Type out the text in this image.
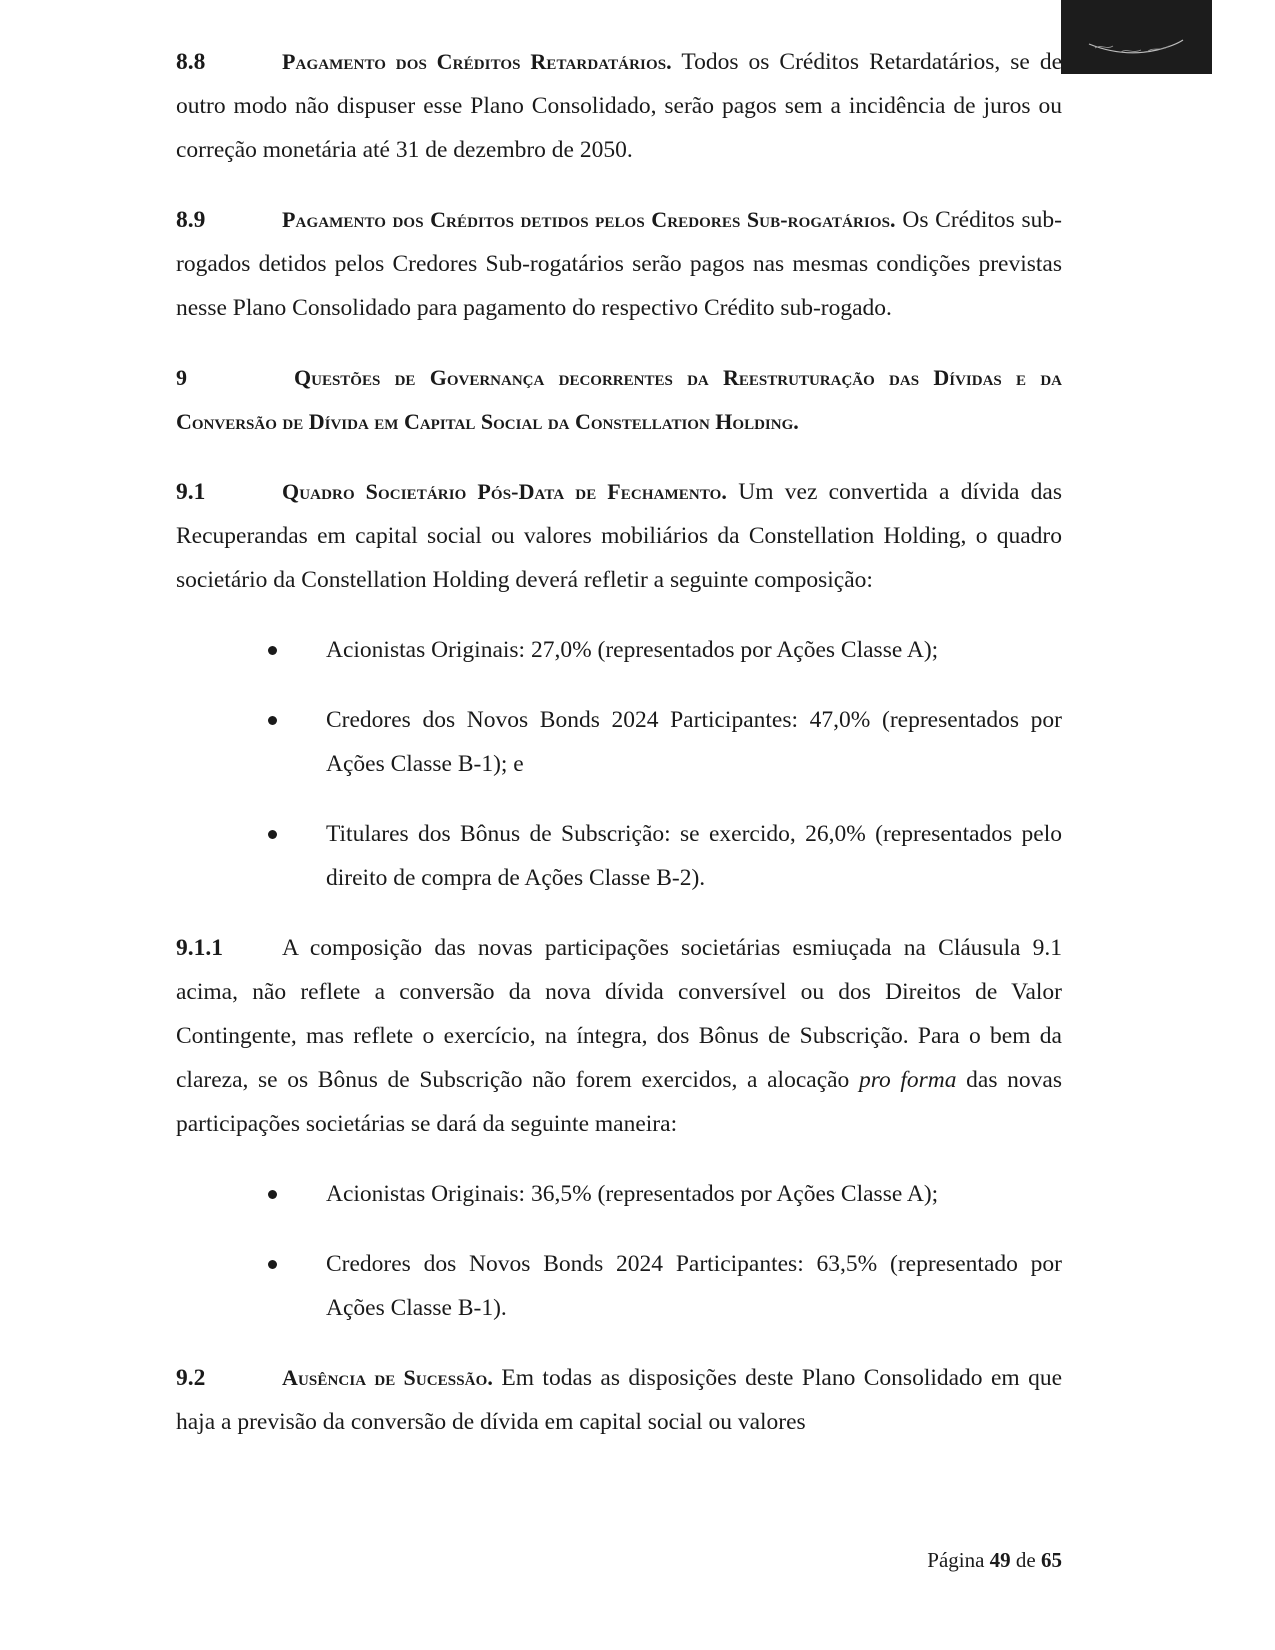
8.8	Pagamento dos Créditos Retardatários. Todos os Créditos Retardatários, se de outro modo não dispuser esse Plano Consolidado, serão pagos sem a incidência de juros ou correção monetária até 31 de dezembro de 2050.

8.9	Pagamento dos Créditos detidos pelos Credores Sub-rogatários. Os Créditos sub-rogados detidos pelos Credores Sub-rogatários serão pagos nas mesmas condições previstas nesse Plano Consolidado para pagamento do respectivo Crédito sub-rogado.

9	Questões de Governança decorrentes da Reestruturação das Dívidas e da Conversão de Dívida em Capital Social da Constellation Holding.

9.1	Quadro Societário Pós-Data de Fechamento. Um vez convertida a dívida das Recuperandas em capital social ou valores mobiliários da Constellation Holding, o quadro societário da Constellation Holding deverá refletir a seguinte composição:

Acionistas Originais: 27,0% (representados por Ações Classe A);
Credores dos Novos Bonds 2024 Participantes: 47,0% (representados por Ações Classe B-1); e
Titulares dos Bônus de Subscrição: se exercido, 26,0% (representados pelo direito de compra de Ações Classe B-2).

9.1.1	A composição das novas participações societárias esmiuçada na Cláusula 9.1 acima, não reflete a conversão da nova dívida conversível ou dos Direitos de Valor Contingente, mas reflete o exercício, na íntegra, dos Bônus de Subscrição. Para o bem da clareza, se os Bônus de Subscrição não forem exercidos, a alocação pro forma das novas participações societárias se dará da seguinte maneira:

Acionistas Originais: 36,5% (representados por Ações Classe A);
Credores dos Novos Bonds 2024 Participantes: 63,5% (representado por Ações Classe B-1).

9.2	Ausência de Sucessão. Em todas as disposições deste Plano Consolidado em que haja a previsão da conversão de dívida em capital social ou valores

Página 49 de 65
